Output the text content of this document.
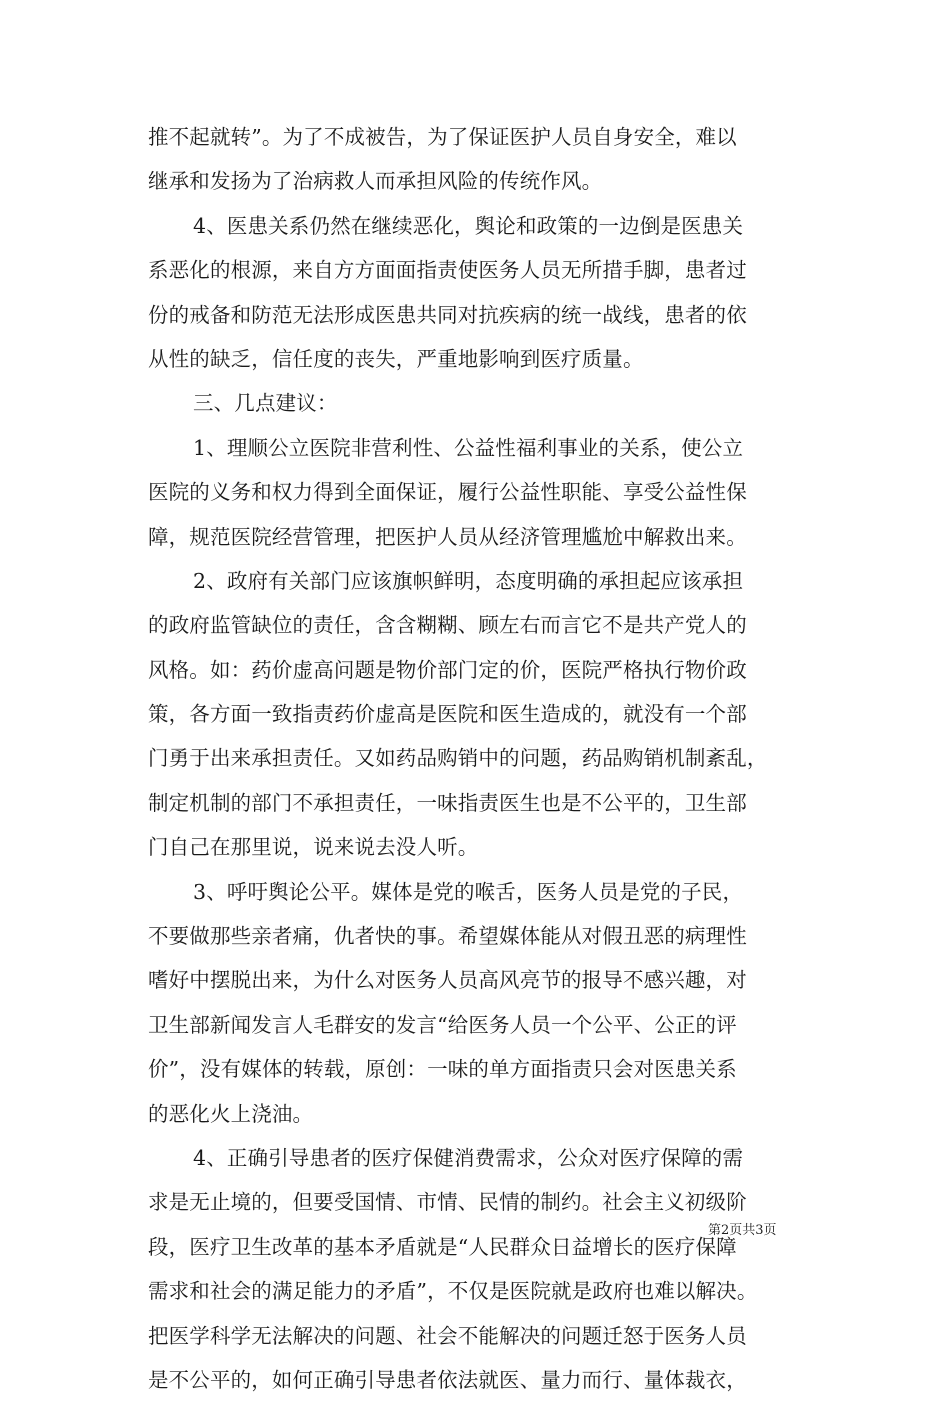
推不起就转”。为了不成被告，为了保证医护人员自身安全，难以
继承和发扬为了治病救人而承担风险的传统作风。
4、医患关系仍然在继续恶化，舆论和政策的一边倒是医患关
系恶化的根源，来自方方面面指责使医务人员无所措手脚，患者过
份的戒备和防范无法形成医患共同对抗疾病的统一战线，患者的依
从性的缺乏，信任度的丧失，严重地影响到医疗质量。
三、几点建议：
1、理顺公立医院非营利性、公益性福利事业的关系，使公立
医院的义务和权力得到全面保证，履行公益性职能、享受公益性保
障，规范医院经营管理，把医护人员从经济管理尴尬中解救出来。
2、政府有关部门应该旗帜鲜明，态度明确的承担起应该承担
的政府监管缺位的责任，含含糊糊、顾左右而言它不是共产党人的
风格。如：药价虚高问题是物价部门定的价，医院严格执行物价政
策，各方面一致指责药价虚高是医院和医生造成的，就没有一个部
门勇于出来承担责任。又如药品购销中的问题，药品购销机制紊乱，
制定机制的部门不承担责任，一味指责医生也是不公平的，卫生部
门自己在那里说，说来说去没人听。
3、呼吁舆论公平。媒体是党的喉舌，医务人员是党的子民，
不要做那些亲者痛，仇者快的事。希望媒体能从对假丑恶的病理性
嗜好中摆脱出来，为什么对医务人员高风亮节的报导不感兴趣，对
卫生部新闻发言人毛群安的发言“给医务人员一个公平、公正的评
价”，没有媒体的转载，原创：一味的单方面指责只会对医患关系
的恶化火上浇油。
4、正确引导患者的医疗保健消费需求，公众对医疗保障的需
求是无止境的，但要受国情、市情、民情的制约。社会主义初级阶
段，医疗卫生改革的基本矛盾就是“人民群众日益增长的医疗保障
需求和社会的满足能力的矛盾”，不仅是医院就是政府也难以解决。
把医学科学无法解决的问题、社会不能解决的问题迁怒于医务人员
是不公平的，如何正确引导患者依法就医、量力而行、量体裁衣，
第2页共3页
